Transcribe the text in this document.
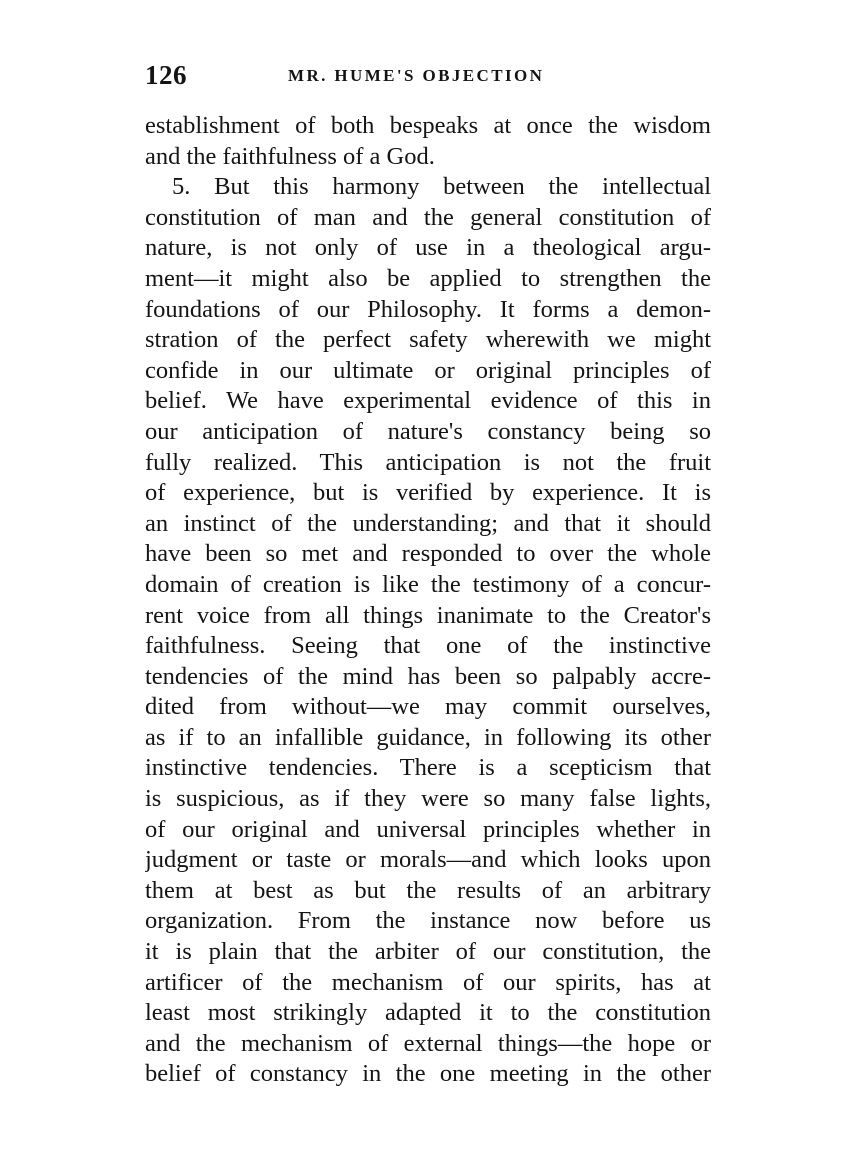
126	MR. HUME'S OBJECTION
establishment of both bespeaks at once the wisdom
and the faithfulness of a God.
5. But this harmony between the intellectual
constitution of man and the general constitution of
nature, is not only of use in a theological argu-
ment—it might also be applied to strengthen the
foundations of our Philosophy. It forms a demon-
stration of the perfect safety wherewith we might
confide in our ultimate or original principles of
belief. We have experimental evidence of this in
our anticipation of nature's constancy being so
fully realized. This anticipation is not the fruit
of experience, but is verified by experience. It is
an instinct of the understanding; and that it should
have been so met and responded to over the whole
domain of creation is like the testimony of a concur-
rent voice from all things inanimate to the Creator's
faithfulness. Seeing that one of the instinctive
tendencies of the mind has been so palpably accre-
dited from without—we may commit ourselves,
as if to an infallible guidance, in following its other
instinctive tendencies. There is a scepticism that
is suspicious, as if they were so many false lights,
of our original and universal principles whether in
judgment or taste or morals—and which looks upon
them at best as but the results of an arbitrary
organization. From the instance now before us
it is plain that the arbiter of our constitution, the
artificer of the mechanism of our spirits, has at
least most strikingly adapted it to the constitution
and the mechanism of external things—the hope or
belief of constancy in the one meeting in the other
